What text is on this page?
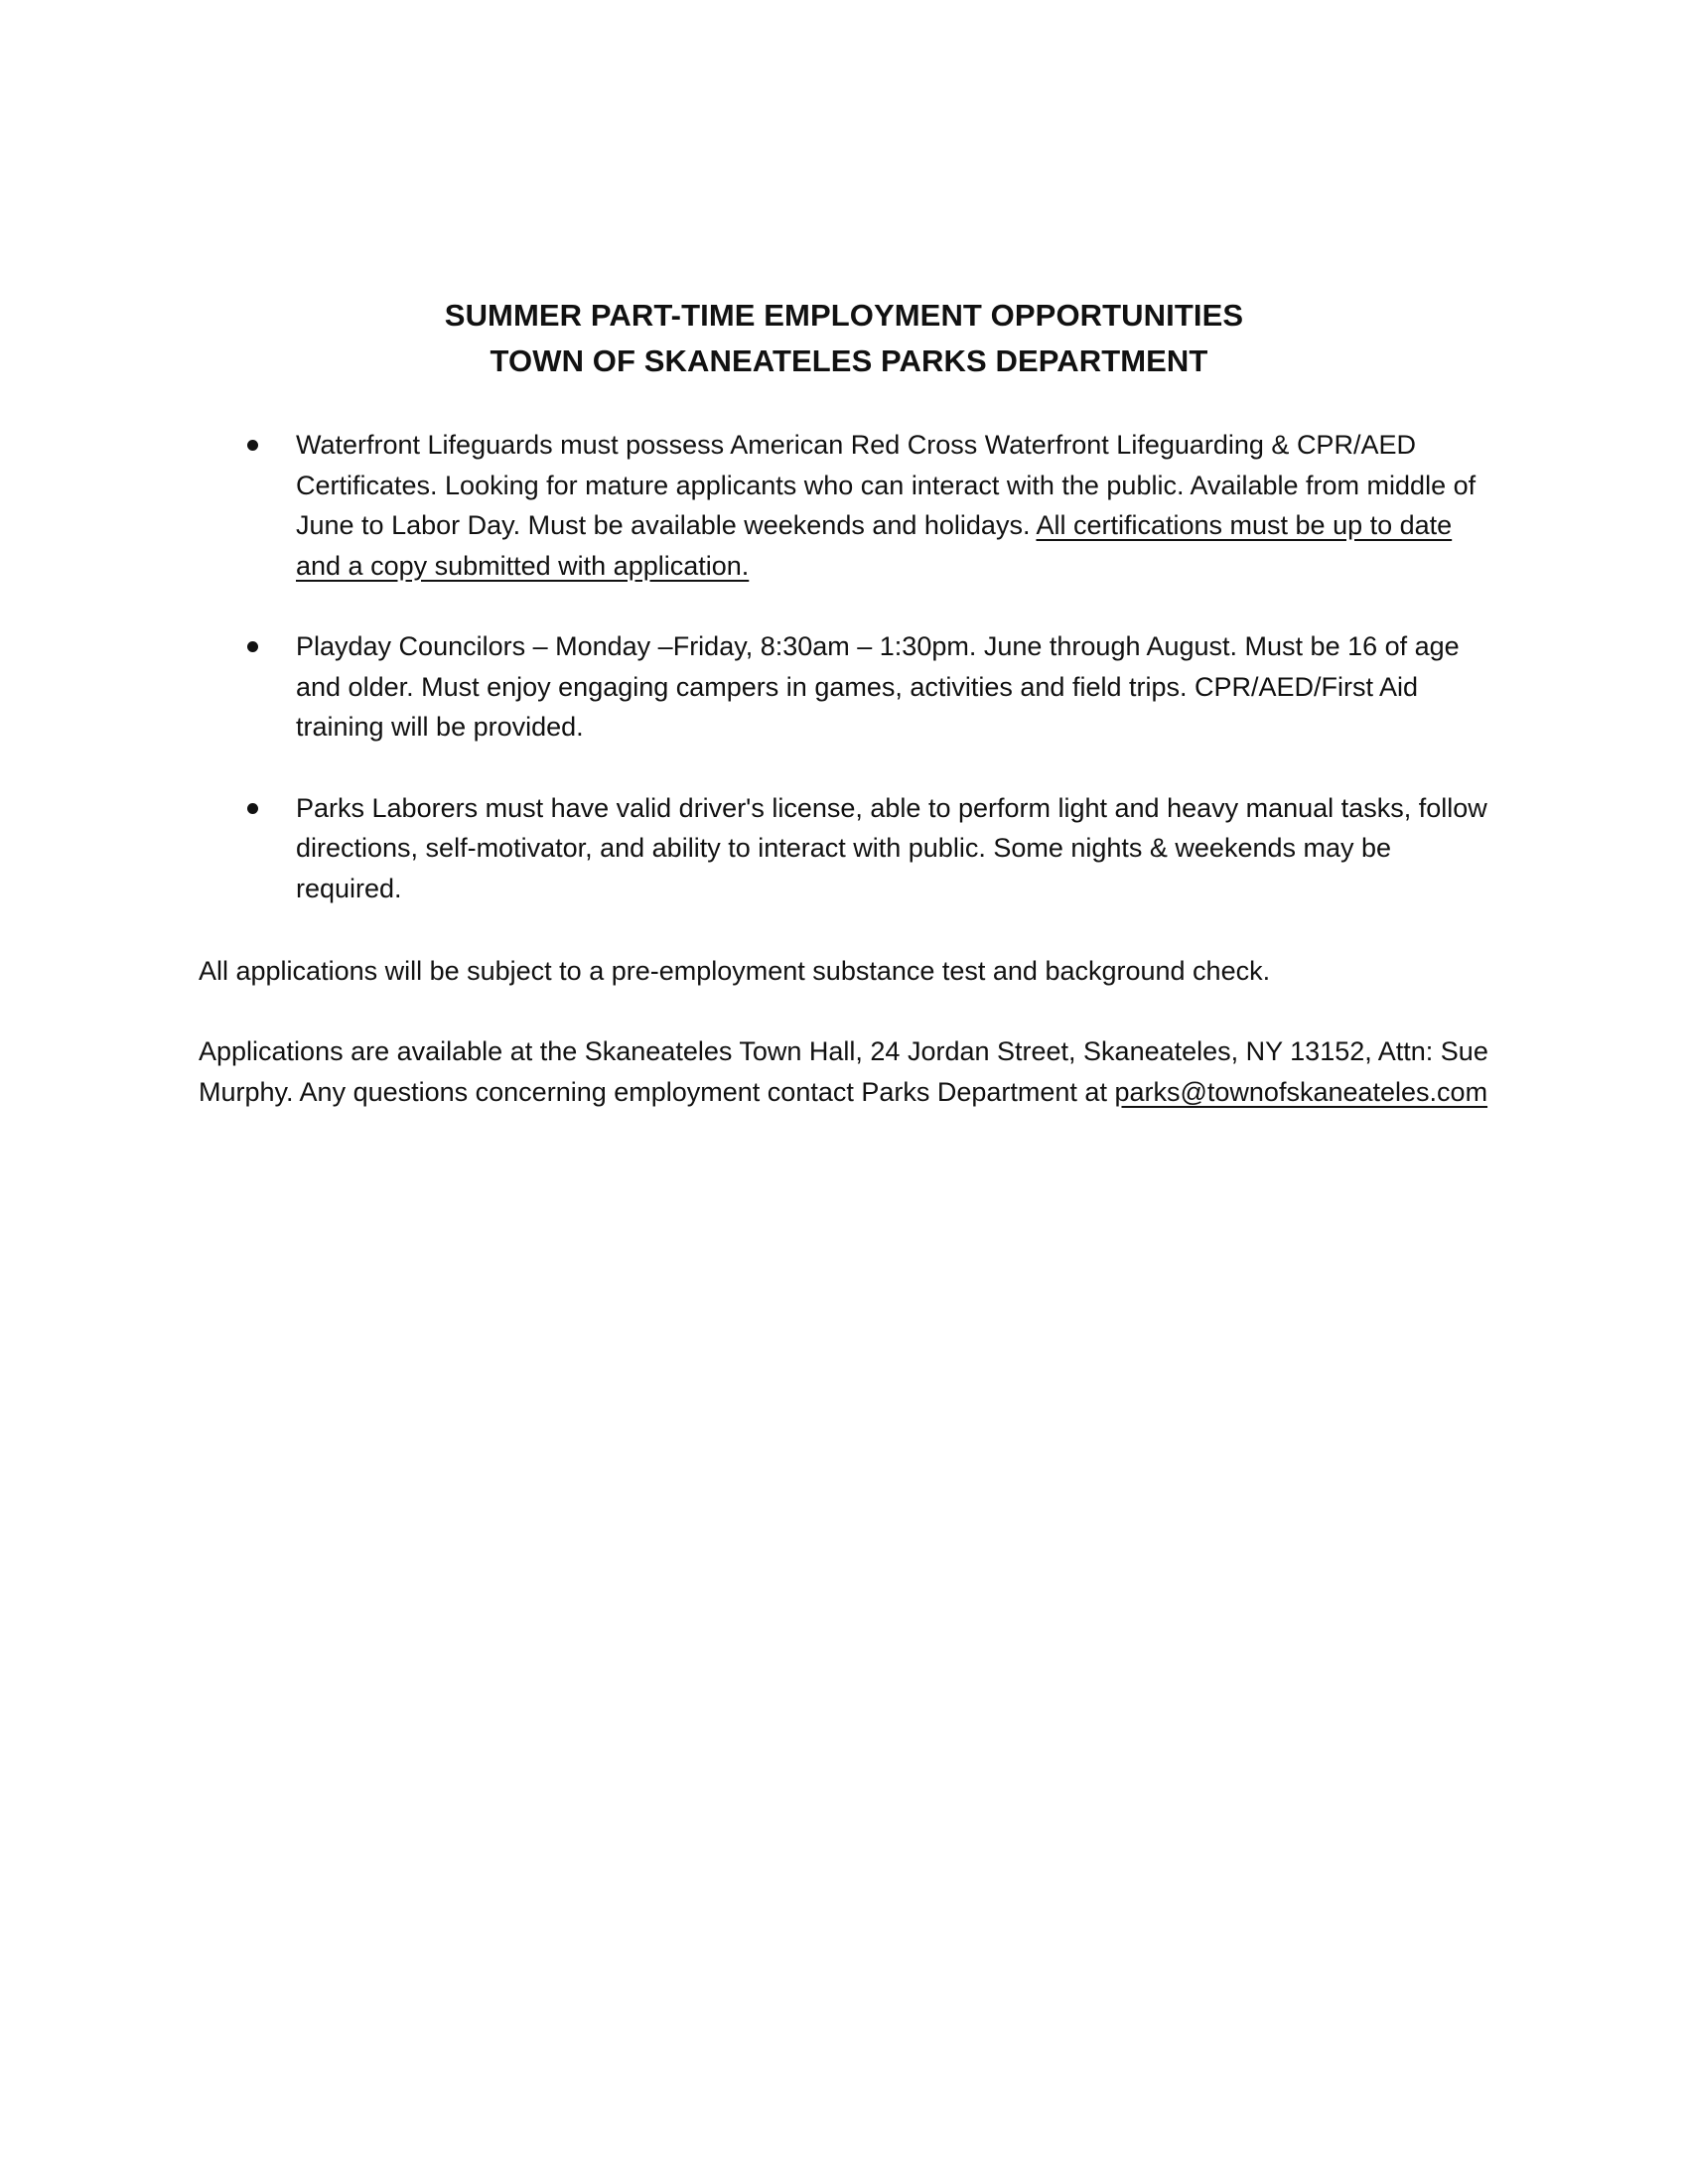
SUMMER PART-TIME EMPLOYMENT OPPORTUNITIES
TOWN OF SKANEATELES PARKS DEPARTMENT
Waterfront Lifeguards must possess American Red Cross Waterfront Lifeguarding & CPR/AED Certificates. Looking for mature applicants who can interact with the public. Available from middle of June to Labor Day. Must be available weekends and holidays. All certifications must be up to date and a copy submitted with application.
Playday Councilors – Monday –Friday, 8:30am – 1:30pm. June through August. Must be 16 of age and older. Must enjoy engaging campers in games, activities and field trips. CPR/AED/First Aid training will be provided.
Parks Laborers must have valid driver's license, able to perform light and heavy manual tasks, follow directions, self-motivator, and ability to interact with public. Some nights & weekends may be required.

All applications will be subject to a pre-employment substance test and background check.

Applications are available at the Skaneateles Town Hall, 24 Jordan Street, Skaneateles, NY 13152, Attn: Sue Murphy. Any questions concerning employment contact Parks Department at parks@townofskaneateles.com
